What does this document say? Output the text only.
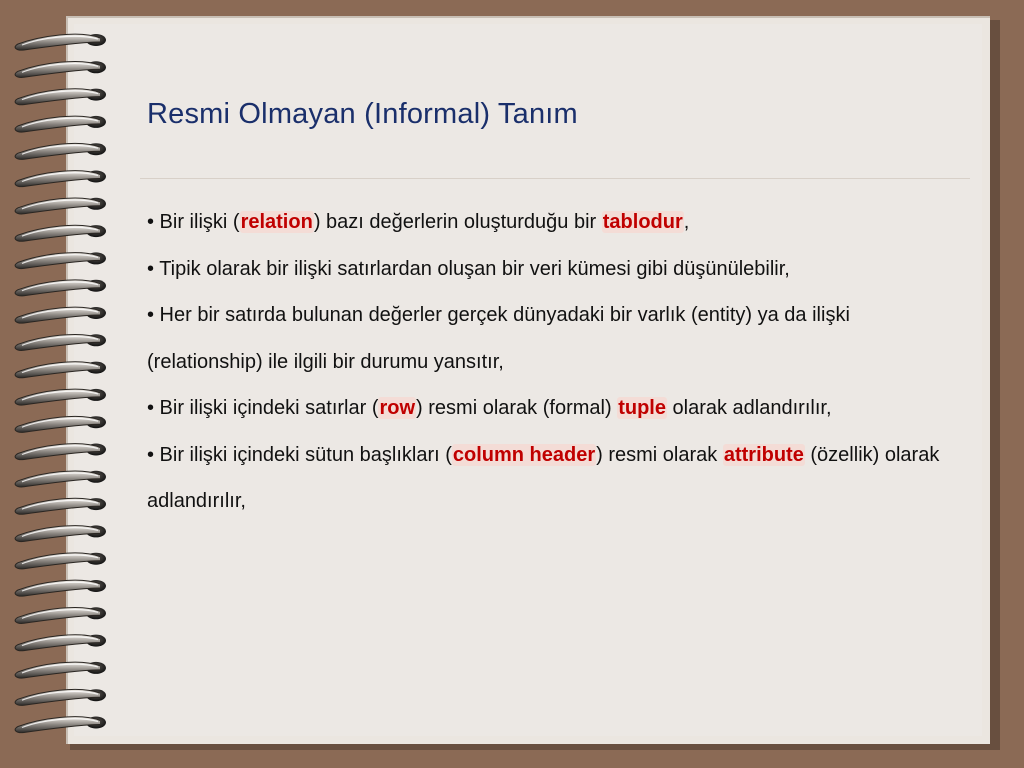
Resmi Olmayan (Informal) Tanım

• Bir ilişki (relation) bazı değerlerin oluşturduğu bir tablodur,

• Tipik olarak bir ilişki satırlardan oluşan bir veri kümesi gibi düşünülebilir,

• Her bir satırda bulunan değerler gerçek dünyadaki bir varlık (entity) ya da ilişki (relationship) ile ilgili bir durumu yansıtır,

• Bir ilişki içindeki satırlar (row) resmi olarak (formal) tuple olarak adlandırılır,

• Bir ilişki içindeki sütun başlıkları (column header) resmi olarak attribute (özellik) olarak adlandırılır,
